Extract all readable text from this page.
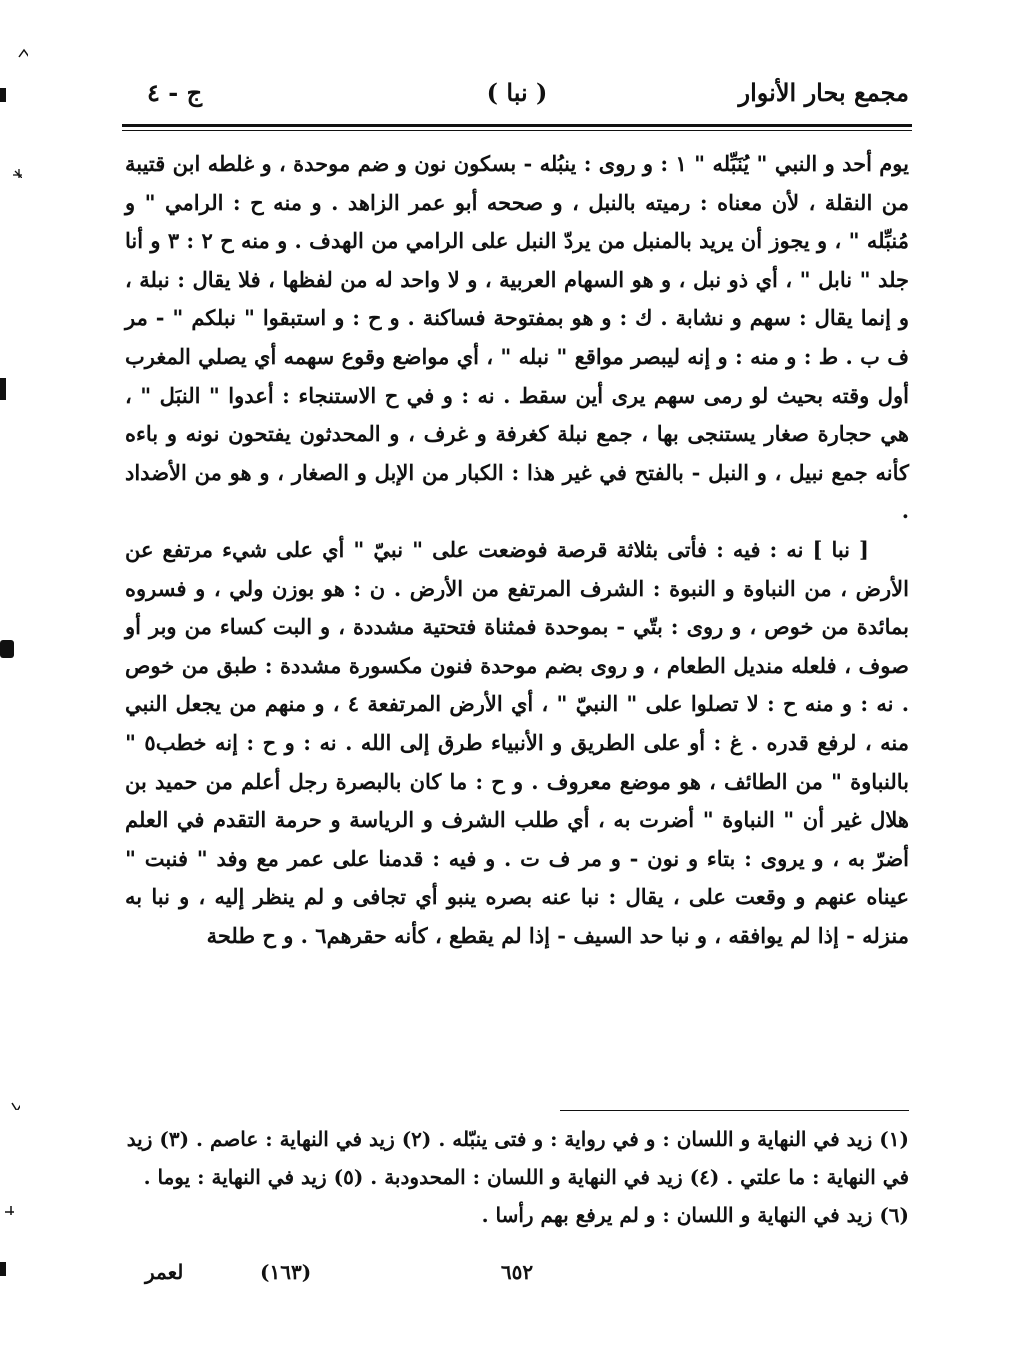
مجمع بحار الأنوار
( نبا )
ج - ٤

يوم أحد و النبي " يُنَبِّله " ١ : و روى : ينبُله - بسكون نون و ضم موحدة ، و غلطه ابن قتيبة من النقلة ، لأن معناه : رميته بالنبل ، و صححه أبو عمر الزاهد . و منه ح : الرامي " و مُنبِّله " ، و يجوز أن يريد بالمنبل من يردّ النبل على الرامي من الهدف . و منه ح ٢ : ٣ و أنا جلد " نابل " ، أي ذو نبل ، و هو السهام العربية ، و لا واحد له من لفظها ، فلا يقال : نبلة ، و إنما يقال : سهم و نشابة . ك : و هو بمفتوحة فساكنة . و ح : و استبقوا " نبلكم " - مر ف ب . ط : و منه : و إنه ليبصر مواقع " نبله " ، أي مواضع وقوع سهمه أي يصلي المغرب أول وقته بحيث لو رمى سهم يرى أين سقط . نه : و في ح الاستنجاء : أعدوا " النبَل " ، هي حجارة صغار يستنجى بها ، جمع نبلة كغرفة و غرف ، و المحدثون يفتحون نونه و باءه كأنه جمع نبيل ، و النبل - بالفتح في غير هذا : الكبار من الإبل و الصغار ، و هو من الأضداد .

[ نبا ] نه : فيه : فأتى بثلاثة قرصة فوضعت على " نبيّ " أي على شيء مرتفع عن الأرض ، من النباوة و النبوة : الشرف المرتفع من الأرض . ن : هو بوزن ولي ، و فسروه بمائدة من خوص ، و روى : بتّي - بموحدة فمثناة فتحتية مشددة ، و البت كساء من وبر أو صوف ، فلعله منديل الطعام ، و روى بضم موحدة فنون مكسورة مشددة : طبق من خوص . نه : و منه ح : لا تصلوا على " النبيّ " ، أي الأرض المرتفعة ٤ ، و منهم من يجعل النبي منه ، لرفع قدره . غ : أو على الطريق و الأنبياء طرق إلى الله . نه : و ح : إنه خطب٥ " بالنباوة " من الطائف ، هو موضع معروف . و ح : ما كان بالبصرة رجل أعلم من حميد بن هلال غير أن " النباوة " أضرت به ، أي طلب الشرف و الرياسة و حرمة التقدم في العلم أضرّ به ، و يروى : بتاء و نون - و مر ف ت . و فيه : قدمنا على عمر مع وفد " فنبت " عيناه عنهم و وقعت على ، يقال : نبا عنه بصره ينبو أي تجافى و لم ينظر إليه ، و نبا به منزله - إذا لم يوافقه ، و نبا حد السيف - إذا لم يقطع ، كأنه حقرهم٦ . و ح طلحة

(١) زيد في النهاية و اللسان : و في رواية : و فتى ينبّله . (٢) زيد في النهاية : عاصم . (٣) زيد
في النهاية : ما علتي . (٤) زيد في النهاية و اللسان : المحدودبة . (٥) زيد في النهاية : يوما .
(٦) زيد في النهاية و اللسان : و لم يرفع بهم رأسا .
٦٥٢
(١٦٣)
لعمر
